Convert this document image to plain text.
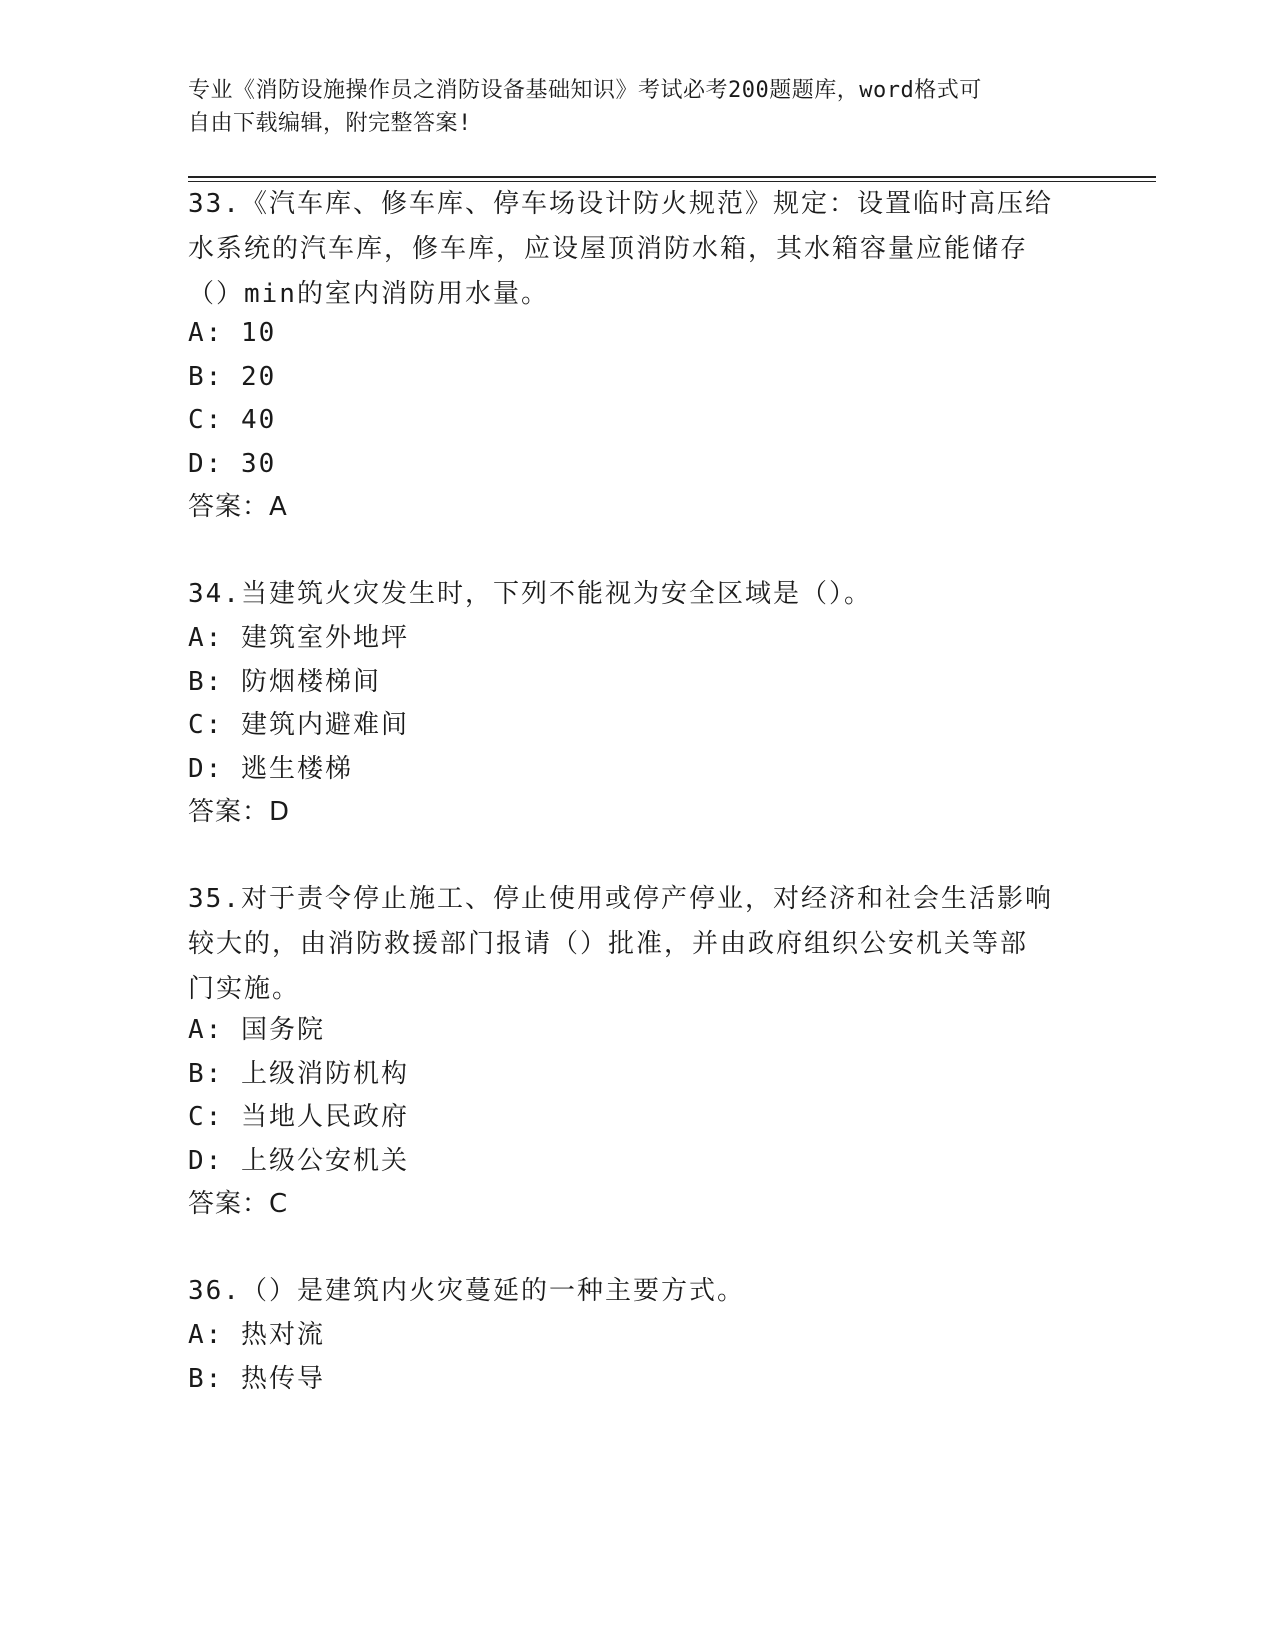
专业《消防设施操作员之消防设备基础知识》考试必考200题题库，word格式可
自由下载编辑，附完整答案!
33.《汽车库、修车库、停车场设计防火规范》规定：设置临时高压给
水系统的汽车库，修车库，应设屋顶消防水箱，其水箱容量应能储存
（）min的室内消防用水量。
A: 10
B: 20
C: 40
D: 30
答案：A
34.当建筑火灾发生时，下列不能视为安全区域是（）。
A: 建筑室外地坪
B: 防烟楼梯间
C: 建筑内避难间
D: 逃生楼梯
答案：D
35.对于责令停止施工、停止使用或停产停业，对经济和社会生活影响
较大的，由消防救援部门报请（）批准，并由政府组织公安机关等部
门实施。
A: 国务院
B: 上级消防机构
C: 当地人民政府
D: 上级公安机关
答案：C
36.（）是建筑内火灾蔓延的一种主要方式。
A: 热对流
B: 热传导
